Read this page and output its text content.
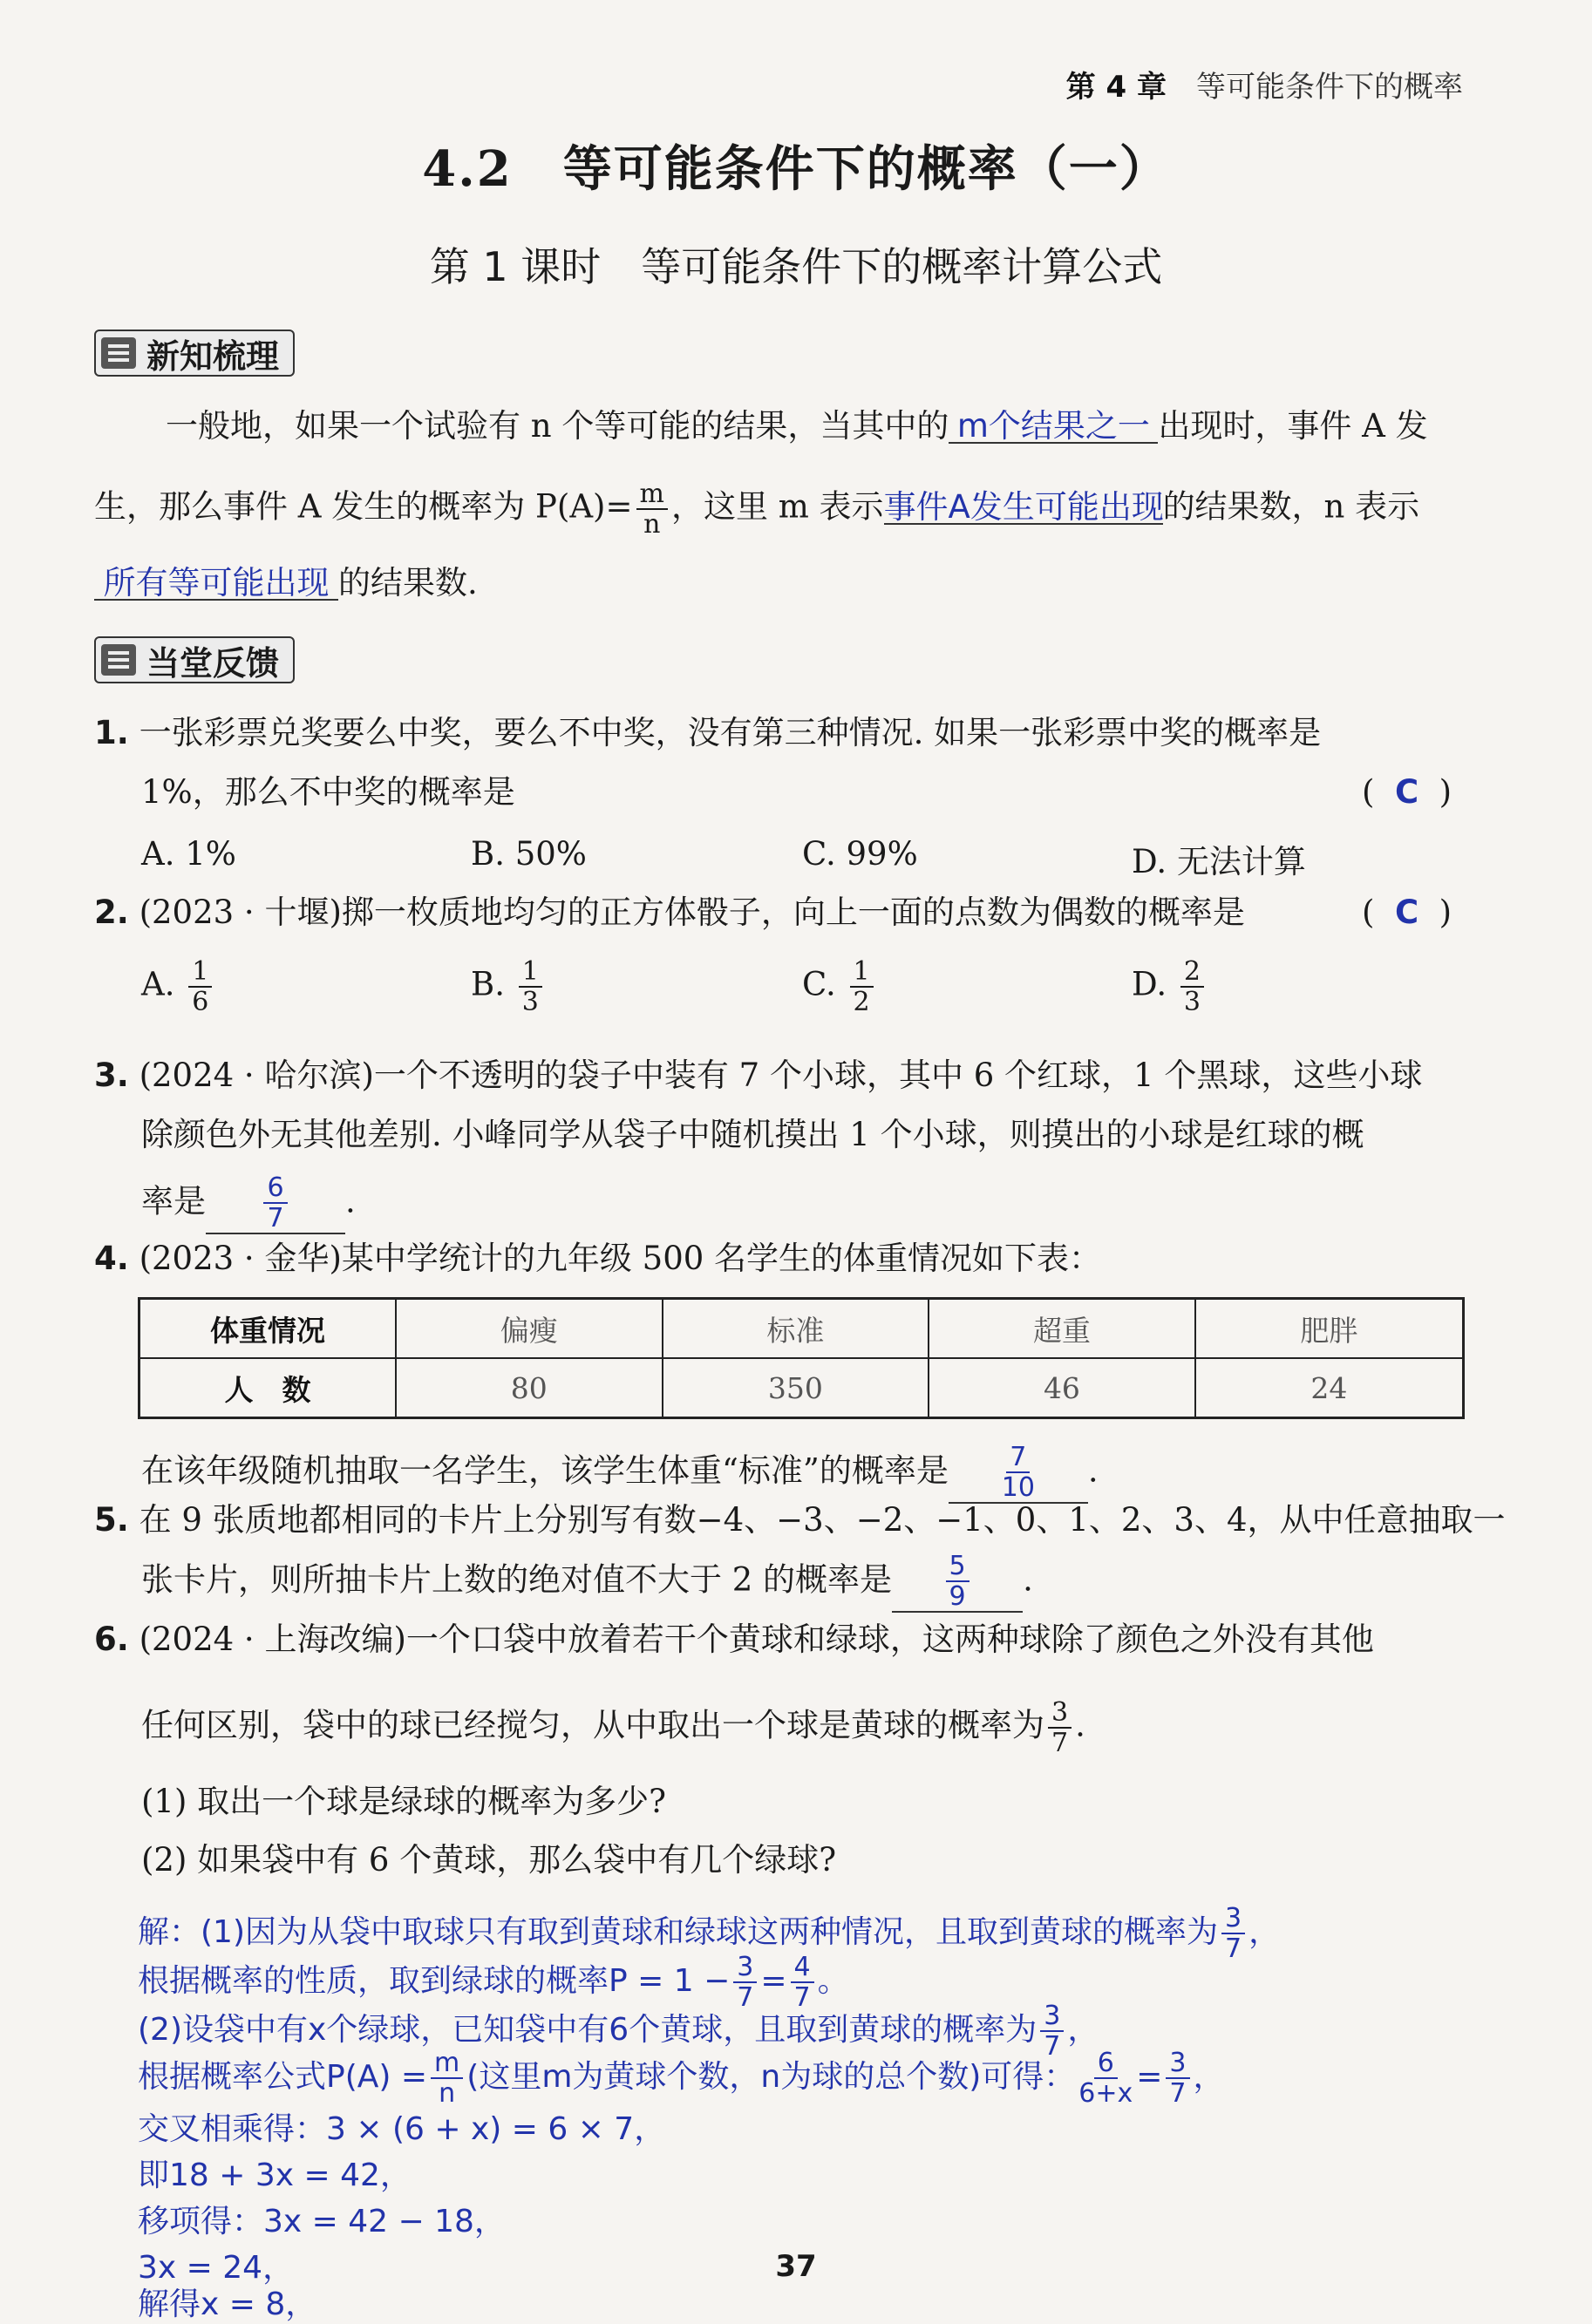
第 4 章 等可能条件下的概率
4.2　等可能条件下的概率（一）
第 1 课时　等可能条件下的概率计算公式
新知梳理
一般地，如果一个试验有 n 个等可能的结果，当其中的 m个结果之一 出现时，事件 A 发
生，那么事件 A 发生的概率为 $P(A)= \frac{m}{n}$ ，这里 m 表示事件A发生可能出现的结果数，n 表示
所有等可能出现 的结果数.
当堂反馈
1. 一张彩票兑奖要么中奖，要么不中奖，没有第三种情况. 如果一张彩票中奖的概率是
1%，那么不中奖的概率是	( C )
A. 1%	B. 50%	C. 99%	D. 无法计算
2. (2023 · 十堰)掷一枚质地均匀的正方体骰子，向上一面的点数为偶数的概率是	( C )
A. $\frac{1}{6}$	B. $\frac{1}{3}$	C. $\frac{1}{2}$	D. $\frac{2}{3}$
3. (2024 · 哈尔滨)一个不透明的袋子中装有 7 个小球，其中 6 个红球，1 个黑球，这些小球
除颜色外无其他差别. 小峰同学从袋子中随机摸出 1 个小球，则摸出的小球是红球的概
率是 $\frac{6}{7}$ .
4. (2023 · 金华)某中学统计的九年级 500 名学生的体重情况如下表：
体重情况	偏瘦	标准	超重	肥胖
人　数	80	350	46	24
在该年级随机抽取一名学生，该学生体重“标准”的概率是 $\frac{7}{10}$ .
5. 在 9 张质地都相同的卡片上分别写有数−4、−3、−2、−1、0、1、2、3、4，从中任意抽取一
张卡片，则所抽卡片上数的绝对值不大于 2 的概率是 $\frac{5}{9}$ .
6. (2024 · 上海改编)一个口袋中放着若干个黄球和绿球，这两种球除了颜色之外没有其他
任何区别，袋中的球已经搅匀，从中取出一个球是黄球的概率为 $\frac{3}{7}$ .
(1) 取出一个球是绿球的概率为多少?
(2) 如果袋中有 6 个黄球，那么袋中有几个绿球?
解：(1)因为从袋中取球只有取到黄球和绿球这两种情况，且取到黄球的概率为 $\frac{3}{7}$ ，
根据概率的性质，取到绿球的概率$P = 1 - \frac{3}{7} = \frac{4}{7}$ 。
(2)设袋中有x个绿球，已知袋中有6个黄球，且取到黄球的概率为 $\frac{3}{7}$ ，
根据概率公式$P(A) = \frac{m}{n}$ (这里m为黄球个数，n为球的总个数)可得： $\frac{6}{6+x} = \frac{3}{7}$ ，
交叉相乘得：3 × (6 + x) = 6 × 7，
即18 + 3x = 42，
移项得：3x = 42 − 18，
3x = 24，
解得x = 8，
37
